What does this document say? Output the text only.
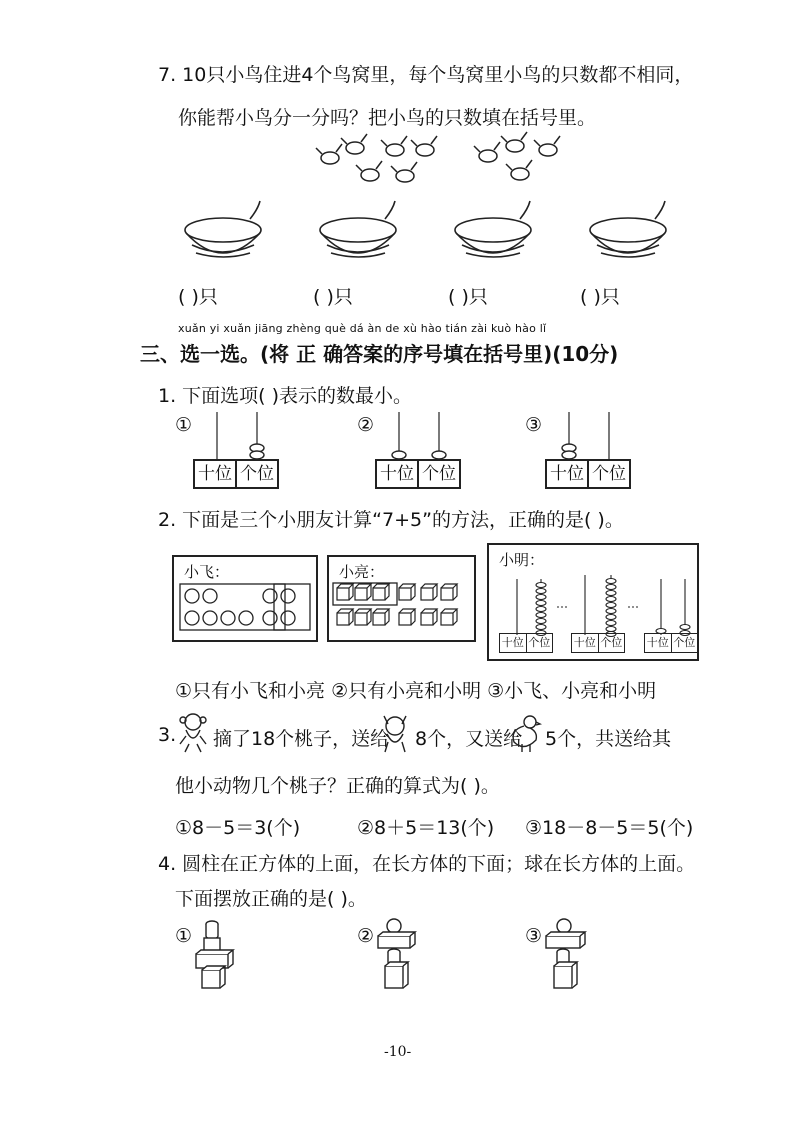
7. 10只小鸟住进4个鸟窝里，每个鸟窝里小鸟的只数都不相同，
你能帮小鸟分一分吗？把小鸟的只数填在括号里。
( )只	( )只	( )只	( )只
xuǎn yi xuǎn jiāng zhèng què dá àn de xù hào tián zài kuò hào lǐ
三、选一选。(将 正 确答案的序号填在括号里)(10分)
1. 下面选项( )表示的数最小。
①
十位 个位
②
十位 个位
③
十位 个位
2. 下面是三个小朋友计算“7+5”的方法，正确的是( )。
小飞：	小亮：
小明：
十位 个位 十位 个位 十位 个位
①只有小飞和小亮 ②只有小亮和小明 ③小飞、小亮和小明
3. 摘了18个桃子，送给 8个，又送给 5个，共送给其
他小动物几个桃子？正确的算式为( )。
①8－5＝3(个)	②8＋5＝13(个) ③18－8－5＝5(个)
4. 圆柱在正方体的上面，在长方体的下面；球在长方体的上面。
下面摆放正确的是( )。
①	②	③
-10-
